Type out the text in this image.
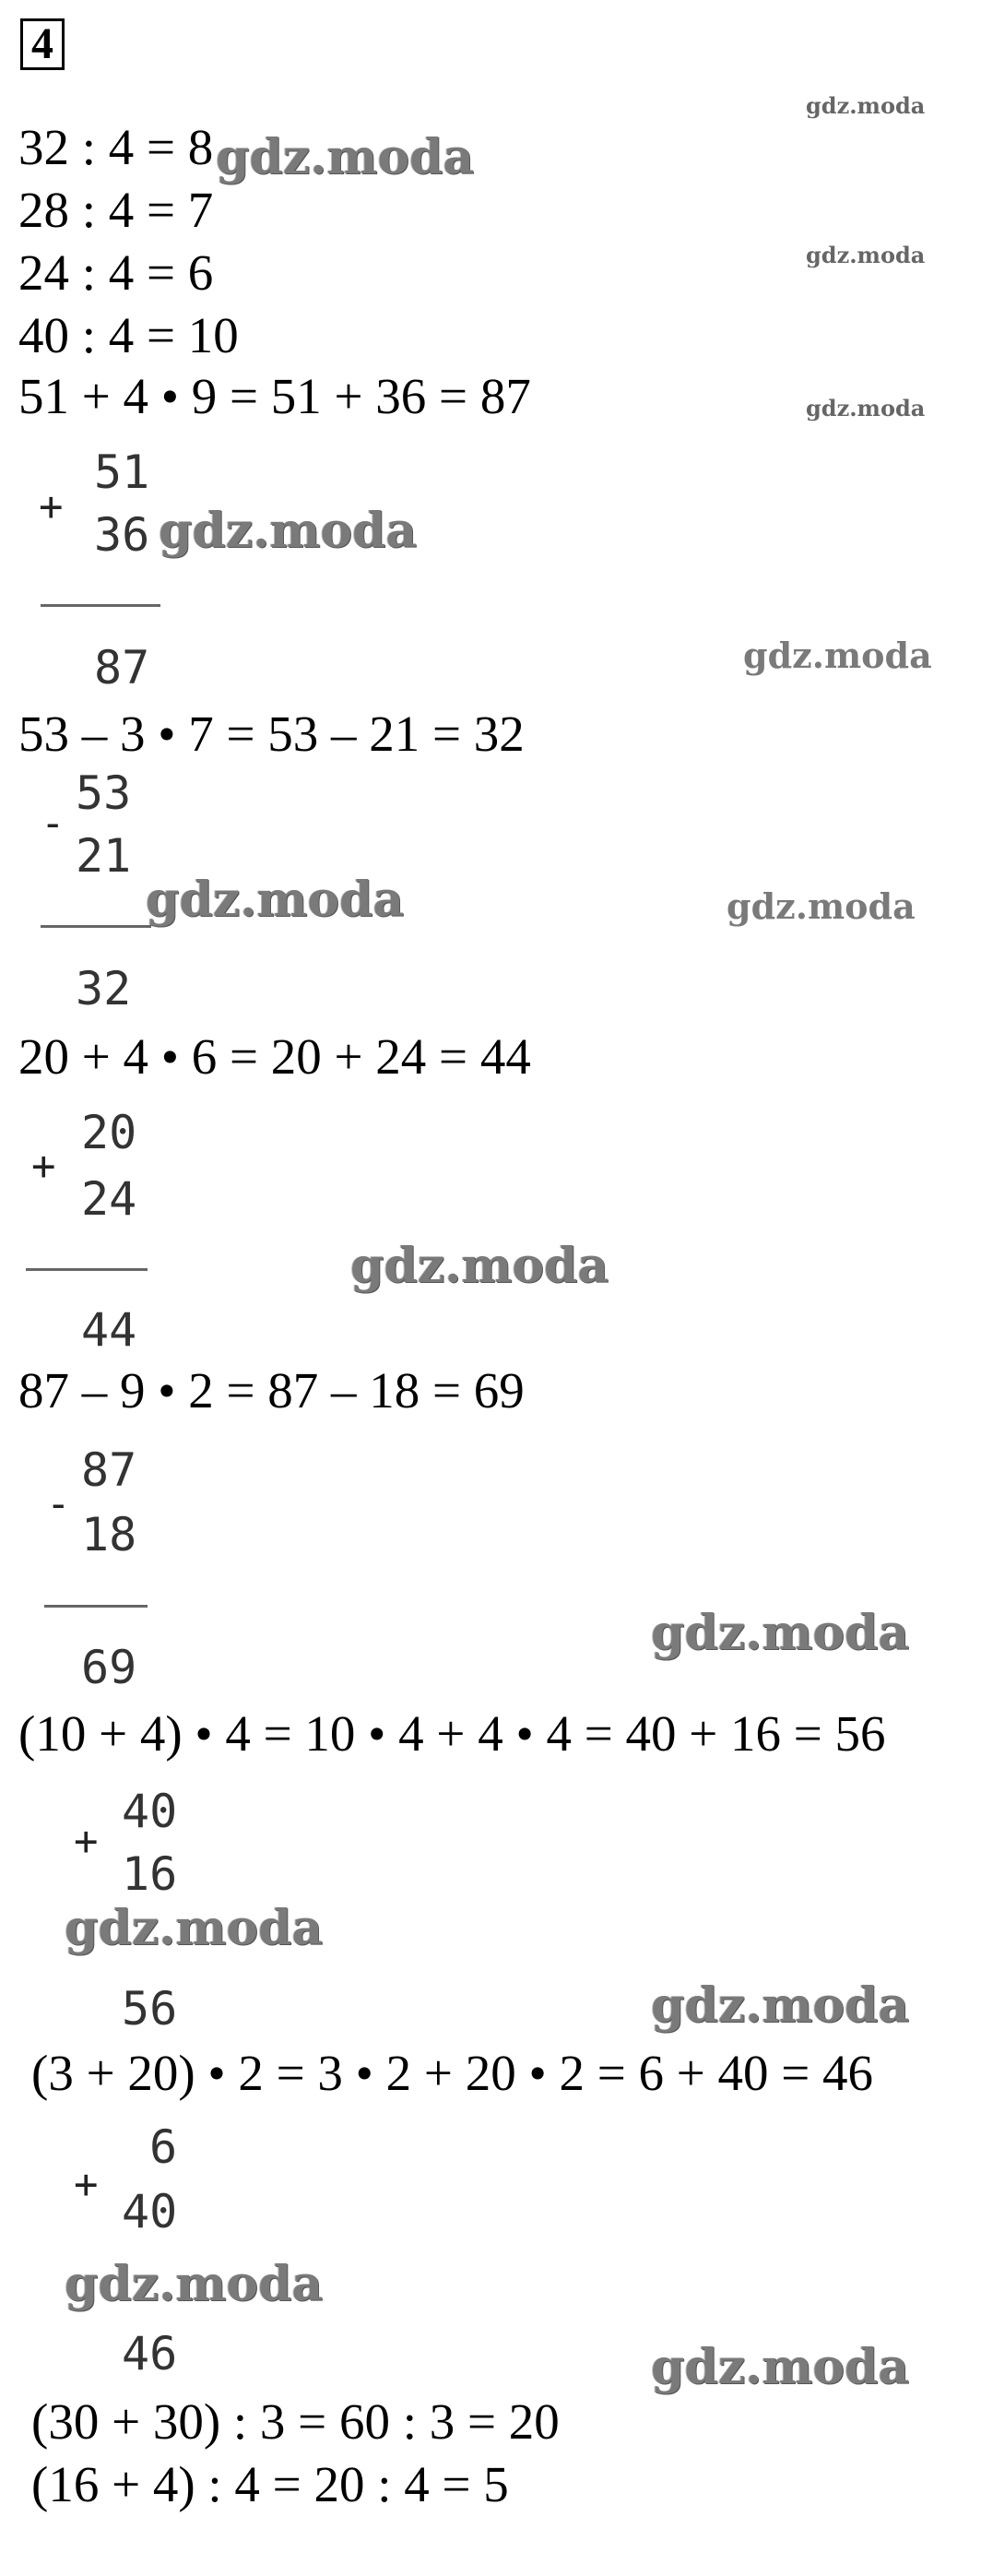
4
32 : 4 = 8
28 : 4 = 7
24 : 4 = 6
40 : 4 = 10
51 + 4 • 9 = 51 + 36 = 87
+
51
36
87
53 – 3 • 7 = 53 – 21 = 32
-
53
21
32
20 + 4 • 6 = 20 + 24 = 44
+
20
24
44
87 – 9 • 2 = 87 – 18 = 69
-
87
18
69
(10 + 4) • 4 = 10 • 4 + 4 • 4 = 40 + 16 = 56
+
40
16
56
(3 + 20) • 2 = 3 • 2 + 20 • 2 = 6 + 40 = 46
+
6
40
46
(30 + 30) : 3 = 60 : 3 = 20
(16 + 4) : 4 = 20 : 4 = 5
gdz.moda
gdz.moda
gdz.moda
gdz.moda
gdz.moda
gdz.moda
gdz.moda	gdz.moda
gdz.moda
gdz.moda
gdz.moda
gdz.moda
gdz.moda
gdz.moda
